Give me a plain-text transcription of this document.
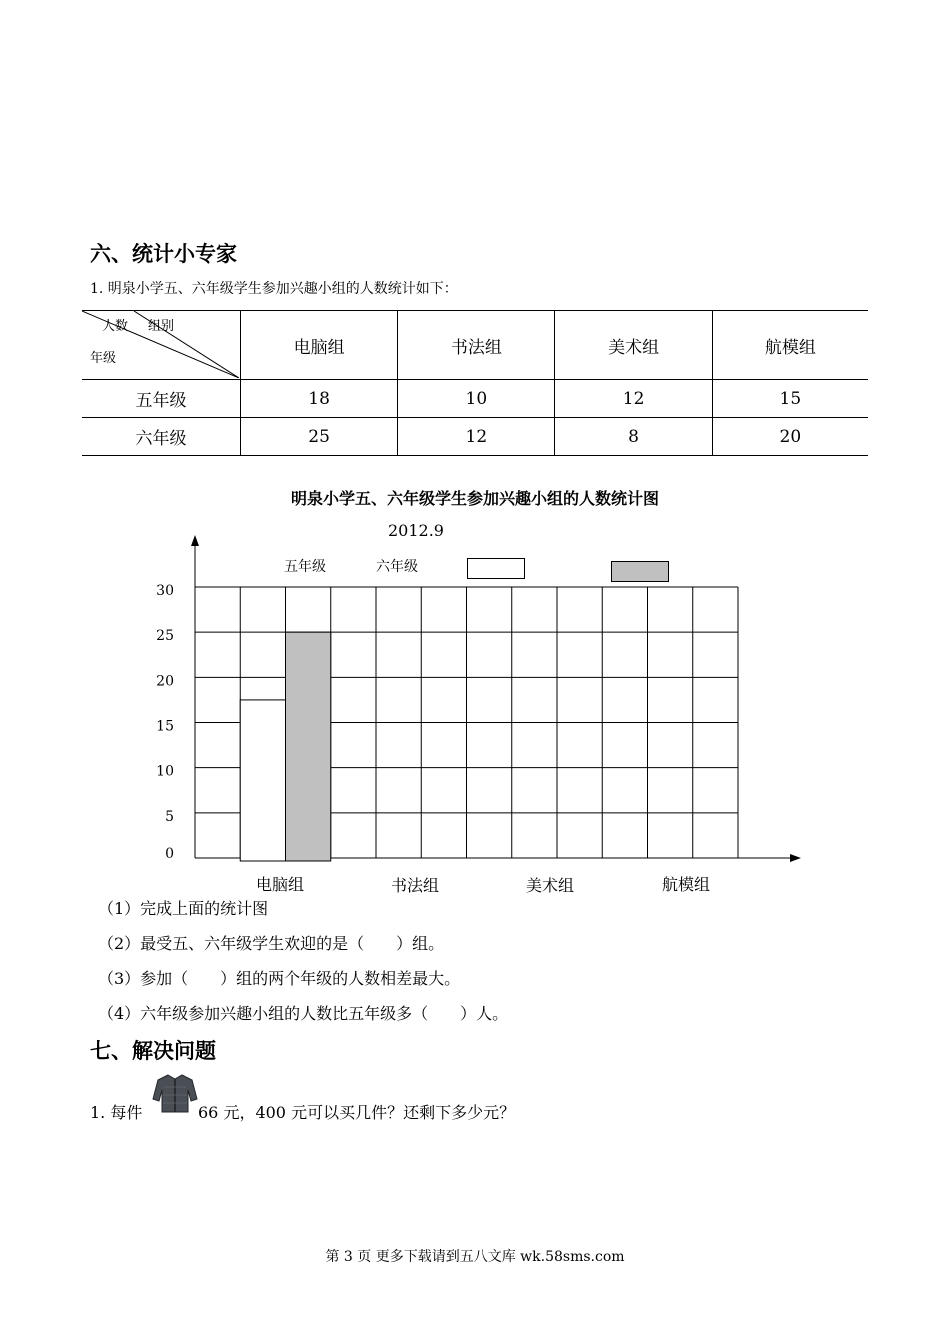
六、统计小专家
1. 明泉小学五、六年级学生参加兴趣小组的人数统计如下：
人数 组别
年级	电脑组	书法组	美术组	航模组
五年级	18	10	12	15
六年级	25	12	8	20
明泉小学五、六年级学生参加兴趣小组的人数统计图
2012.9
五年级	六年级
0
5
10
15
20
25
30
电脑组	书法组	美术组	航模组
（1）完成上面的统计图
（2）最受五、六年级学生欢迎的是（　　）组。
（3）参加（　　）组的两个年级的人数相差最大。
（4）六年级参加兴趣小组的人数比五年级多（　　）人。
七、解决问题
1. 每件	66 元，400 元可以买几件？还剩下多少元？
第 3 页 更多下载请到五八文库 wk.58sms.com
